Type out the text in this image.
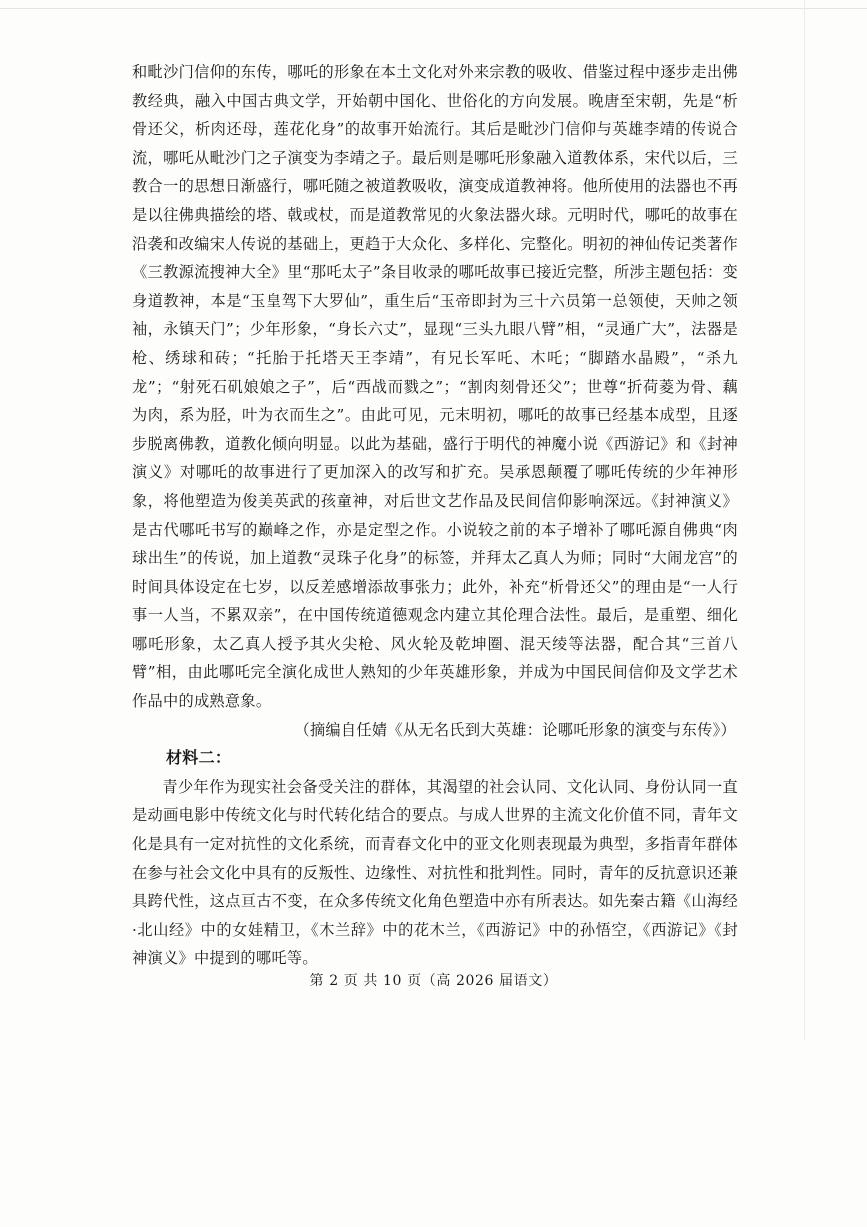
和毗沙门信仰的东传，哪吒的形象在本土文化对外来宗教的吸收、借鉴过程中逐步走出佛教经典，融入中国古典文学，开始朝中国化、世俗化的方向发展。晚唐至宋朝，先是“析骨还父，析肉还母，莲花化身”的故事开始流行。其后是毗沙门信仰与英雄李靖的传说合流，哪吒从毗沙门之子演变为李靖之子。最后则是哪吒形象融入道教体系，宋代以后，三教合一的思想日渐盛行，哪吒随之被道教吸收，演变成道教神将。他所使用的法器也不再是以往佛典描绘的塔、戟或杖，而是道教常见的火象法器火球。元明时代，哪吒的故事在沿袭和改编宋人传说的基础上，更趋于大众化、多样化、完整化。明初的神仙传记类著作《三教源流搜神大全》里“那吒太子”条目收录的哪吒故事已接近完整，所涉主题包括：变身道教神，本是“玉皇驾下大罗仙”，重生后“玉帝即封为三十六员第一总领使，天帅之领袖，永镇天门”；少年形象，“身长六丈”，显现“三头九眼八臂”相，“灵通广大”，法器是枪、绣球和砖；“托胎于托塔天王李靖”，有兄长军吒、木吒；“脚踏水晶殿”，“杀九龙”；“射死石矶娘娘之子”，后“西战而戮之”；“割肉刻骨还父”；世尊“折荷菱为骨、藕为肉，系为胫，叶为衣而生之”。由此可见，元末明初，哪吒的故事已经基本成型，且逐步脱离佛教，道教化倾向明显。以此为基础，盛行于明代的神魔小说《西游记》和《封神演义》对哪吒的故事进行了更加深入的改写和扩充。吴承恩颠覆了哪吒传统的少年神形象，将他塑造为俊美英武的孩童神，对后世文艺作品及民间信仰影响深远。《封神演义》是古代哪吒书写的巅峰之作，亦是定型之作。小说较之前的本子增补了哪吒源自佛典“肉球出生”的传说，加上道教“灵珠子化身”的标签，并拜太乙真人为师；同时“大闹龙宫”的时间具体设定在七岁，以反差感增添故事张力；此外，补充“析骨还父”的理由是“一人行事一人当，不累双亲”，在中国传统道德观念内建立其伦理合法性。最后，是重塑、细化哪吒形象，太乙真人授予其火尖枪、风火轮及乾坤圈、混天绫等法器，配合其“三首八臂”相，由此哪吒完全演化成世人熟知的少年英雄形象，并成为中国民间信仰及文学艺术作品中的成熟意象。

（摘编自任婧《从无名氏到大英雄：论哪吒形象的演变与东传》）

材料二：

青少年作为现实社会备受关注的群体，其渴望的社会认同、文化认同、身份认同一直是动画电影中传统文化与时代转化结合的要点。与成人世界的主流文化价值不同，青年文化是具有一定对抗性的文化系统，而青春文化中的亚文化则表现最为典型，多指青年群体在参与社会文化中具有的反叛性、边缘性、对抗性和批判性。同时，青年的反抗意识还兼具跨代性，这点亘古不变，在众多传统文化角色塑造中亦有所表达。如先秦古籍《山海经·北山经》中的女娃精卫，《木兰辞》中的花木兰，《西游记》中的孙悟空，《西游记》《封神演义》中提到的哪吒等。

第 2 页 共 10 页（高 2026 届语文）
